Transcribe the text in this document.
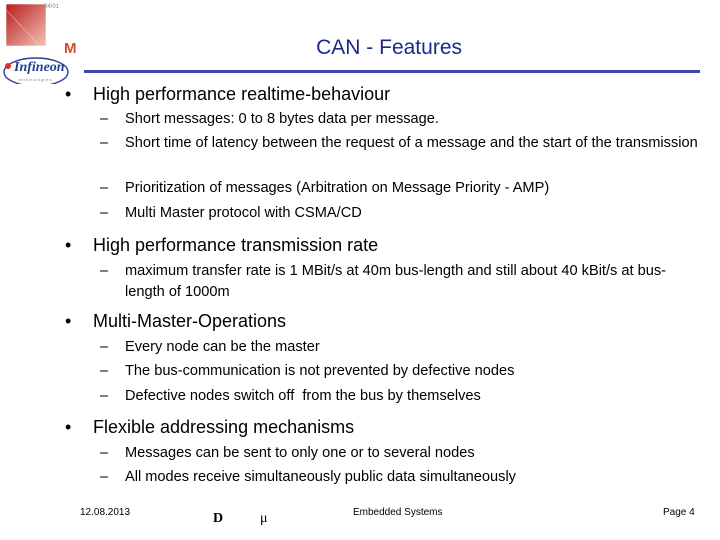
04/01
M
Infineon
technologies
CAN - Features
• High performance realtime-behaviour
– Short messages: 0 to 8 bytes data per message.
– Short time of latency between the request of a message and the start of the transmission
– Prioritization of messages (Arbitration on Message Priority - AMP)
– Multi Master protocol with CSMA/CD
• High performance transmission rate
– maximum transfer rate is 1 MBit/s at 40m bus-length and still about 40 kBit/s at bus-length of 1000m
• Multi-Master-Operations
– Every node can be the master
– The bus-communication is not prevented by defective nodes
– Defective nodes switch off  from the bus by themselves
• Flexible addressing mechanisms
– Messages can be sent to only one or to several nodes
– All modes receive simultaneously public data simultaneously
12.08.2013	D	μ	Embedded Systems	Page 4
